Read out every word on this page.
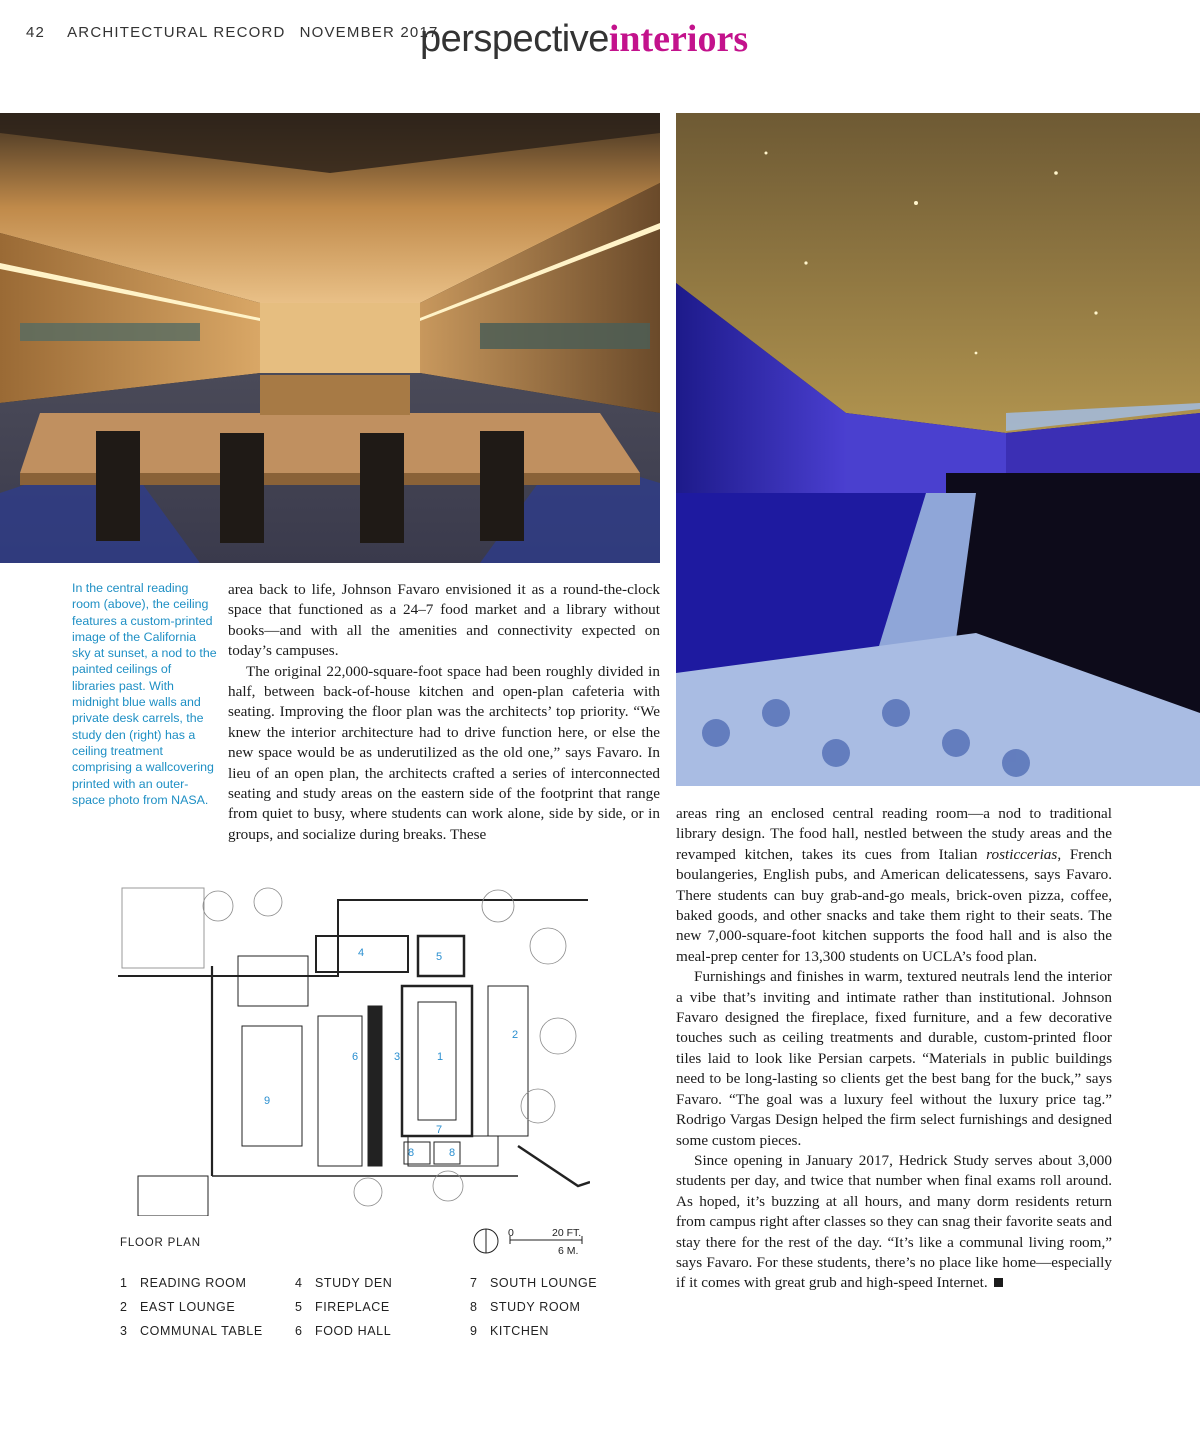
42 ARCHITECTURAL RECORD NOVEMBER 2017
perspectiveinteriors
In the central reading room (above), the ceiling features a custom-printed image of the California sky at sunset, a nod to the painted ceilings of libraries past. With midnight blue walls and private desk carrels, the study den (right) has a ceiling treatment comprising a wallcovering printed with an outer-space photo from NASA.

area back to life, Johnson Favaro envisioned it as a round-the-clock space that functioned as a 24–7 food market and a library without books—and with all the amenities and connectivity expected on today’s campuses.

The original 22,000-square-foot space had been roughly divided in half, between back-of-house kitchen and open-plan cafeteria with seating. Improving the floor plan was the architects’ top priority. “We knew the interior architecture had to drive function here, or else the new space would be as underutilized as the old one,” says Favaro. In lieu of an open plan, the architects crafted a series of interconnected seating and study areas on the eastern side of the footprint that range from quiet to busy, where students can work alone, side by side, or in groups, and socialize during breaks. These

areas ring an enclosed central reading room—a nod to traditional library design. The food hall, nestled between the study areas and the revamped kitchen, takes its cues from Italian rosticcerias, French boulangeries, English pubs, and American delicatessens, says Favaro. There students can buy grab-and-go meals, brick-oven pizza, coffee, baked goods, and other snacks and take them right to their seats. The new 7,000-square-foot kitchen supports the food hall and is also the meal-prep center for 13,300 students on UCLA’s food plan.

Furnishings and finishes in warm, textured neutrals lend the interior a vibe that’s inviting and intimate rather than institutional. Johnson Favaro designed the fireplace, fixed furniture, and a few decorative touches such as ceiling treatments and durable, custom-printed floor tiles laid to look like Persian carpets. “Materials in public buildings need to be long-lasting so clients get the best bang for the buck,” says Favaro. “The goal was a luxury feel without the luxury price tag.” Rodrigo Vargas Design helped the firm select furnishings and designed some custom pieces.

Since opening in January 2017, Hedrick Study serves about 3,000 students per day, and twice that number when final exams roll around. As hoped, it’s buzzing at all hours, and many dorm residents return from campus right after classes so they can snag their favorite seats and stay there for the rest of the day. “It’s like a communal living room,” says Favaro. For these students, there’s no place like home—especially if it comes with great grub and high-speed Internet.

4	5
2
6	3	1
9
7
8	8
FLOOR PLAN
0	20 FT.
6 M.
1 READING ROOM
2 EAST LOUNGE
3 COMMUNAL TABLE
4 STUDY DEN
5 FIREPLACE
6 FOOD HALL
7 SOUTH LOUNGE
8 STUDY ROOM
9 KITCHEN
